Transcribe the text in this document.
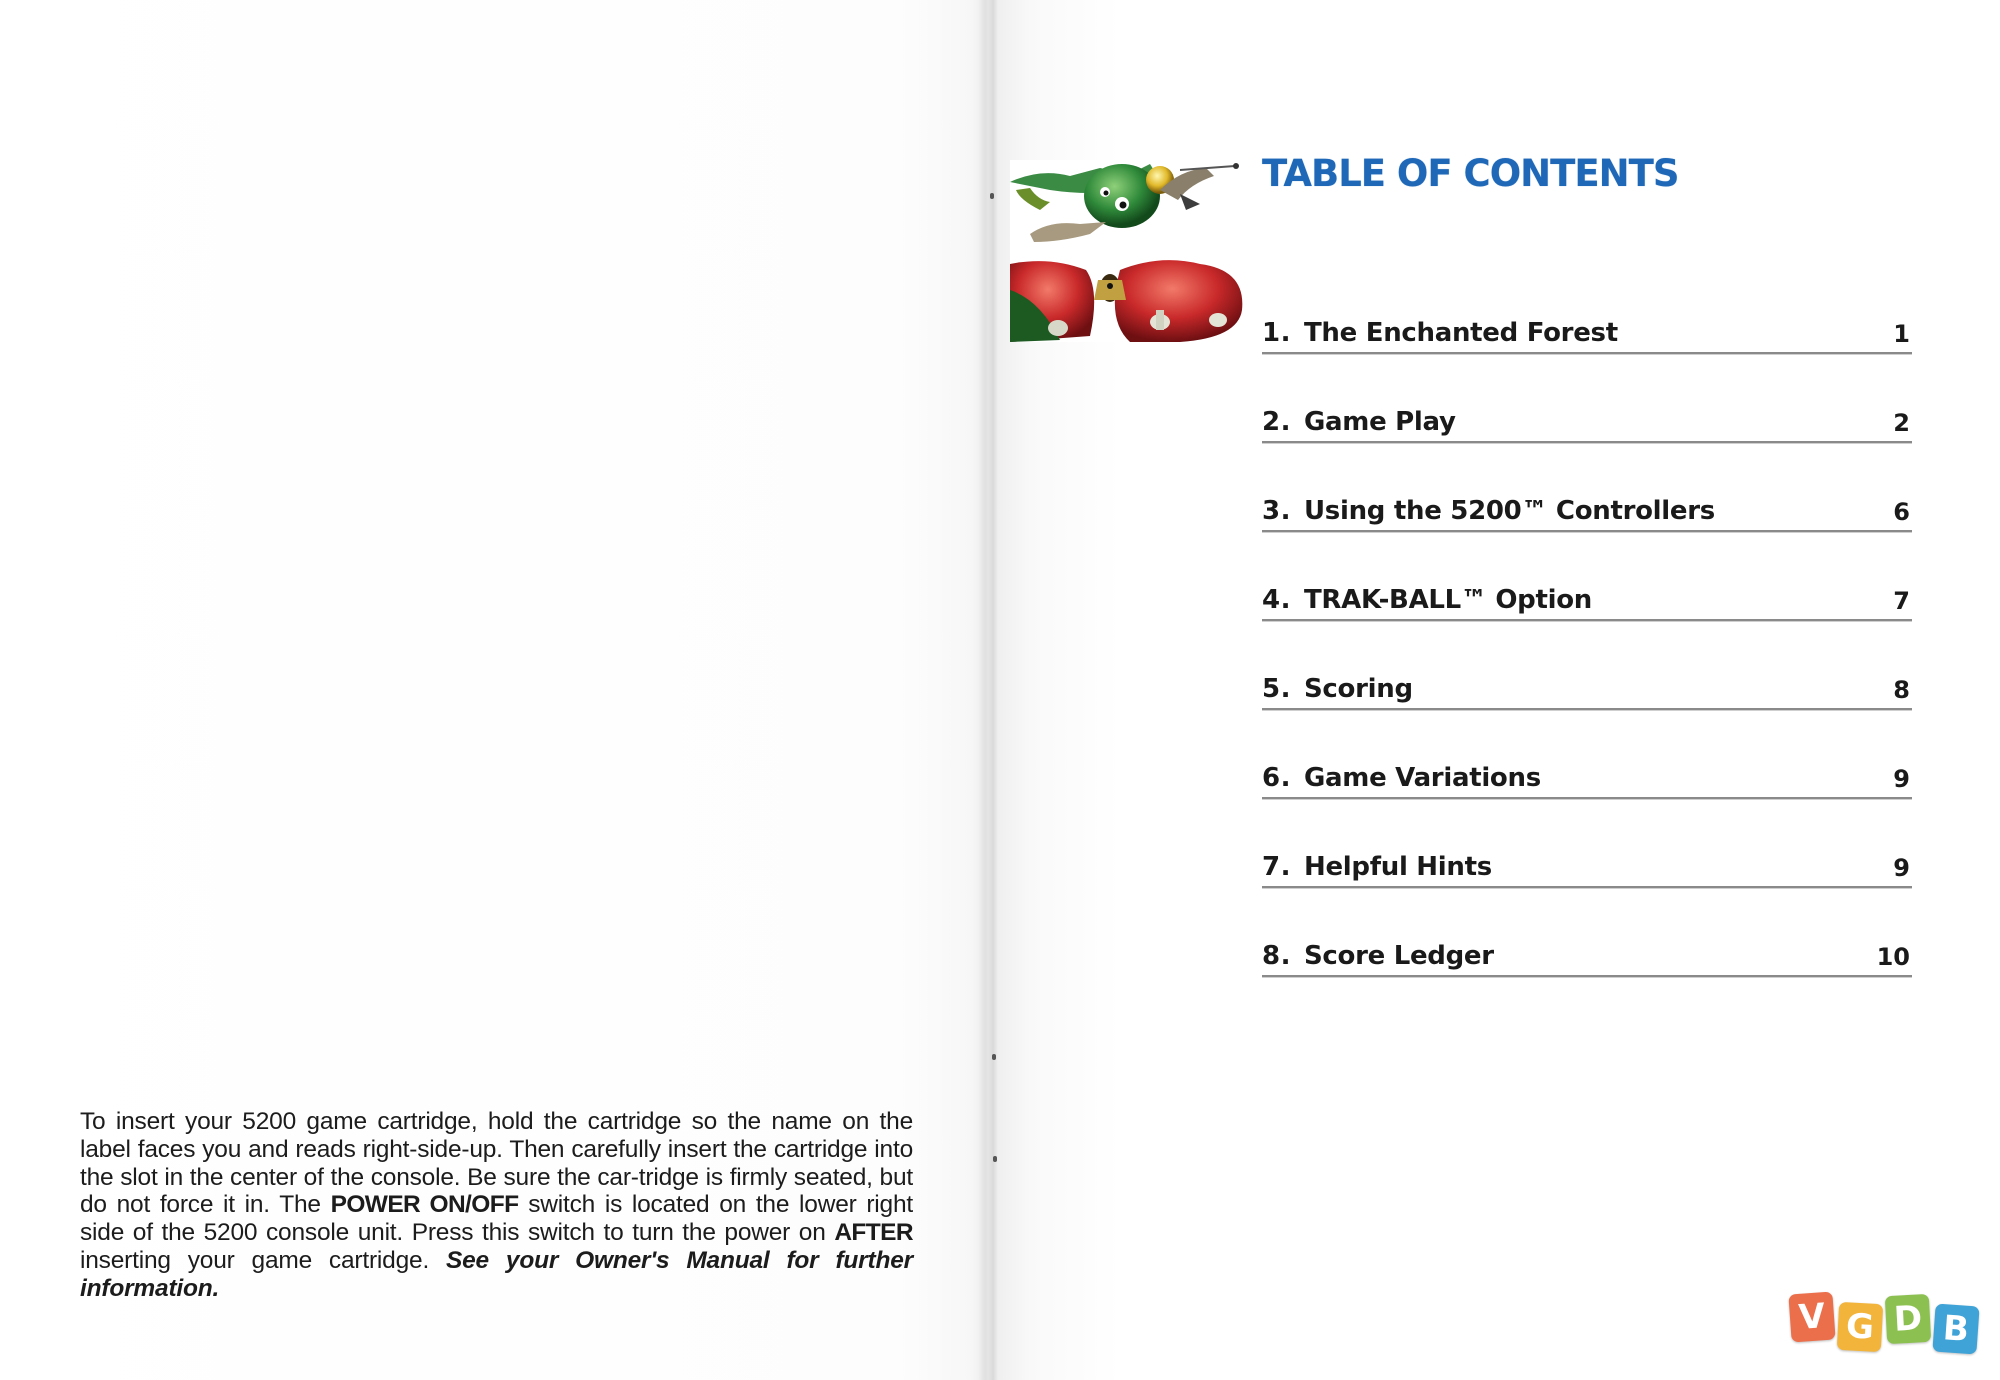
To insert your 5200 game cartridge, hold the cartridge so the name on the label faces you and reads right-side-up. Then carefully insert the cartridge into the slot in the center of the console. Be sure the car-tridge is firmly seated, but do not force it in. The POWER ON/OFF switch is located on the lower right side of the 5200 console unit. Press this switch to turn the power on AFTER inserting your game cartridge. See your Owner's Manual for further information.
TABLE OF CONTENTS
1. The Enchanted Forest	1
2. Game Play	2
3. Using the 5200™ Controllers	6
4. TRAK-BALL™ Option	7
5. Scoring	8
6. Game Variations	9
7. Helpful Hints	9
8. Score Ledger	10
V G D B
